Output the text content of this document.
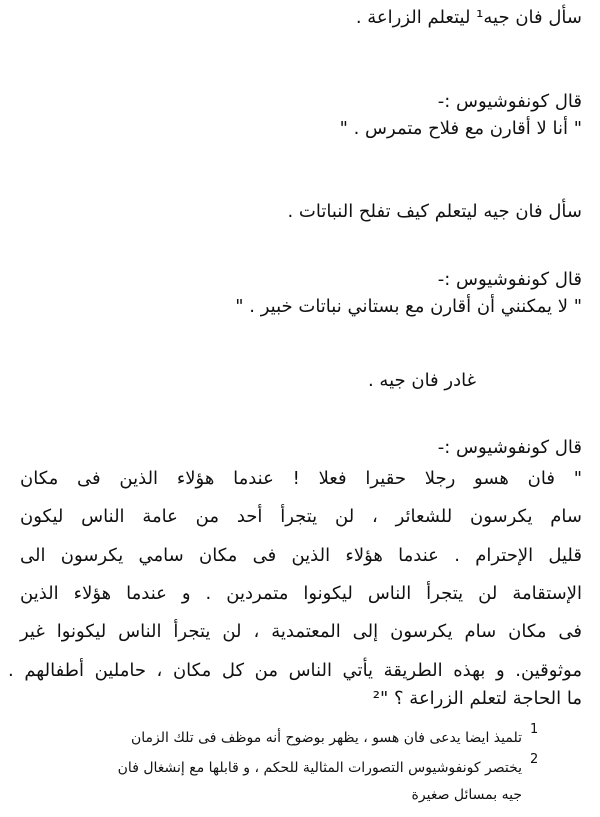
سأل فان جيه¹ ليتعلم الزراعة .
قال كونفوشيوس :-
" أنا لا أقارن مع فلاح متمرس . "
سأل فان جيه ليتعلم كيف تفلح النباتات .
قال كونفوشيوس :-
" لا يمكنني أن أقارن مع بستاني نباتات خبير . "
غادر فان جيه .
قال كونفوشيوس :-
" فان هسو رجلا حقيرا فعلا ! عندما هؤلاء الذين فى مكان
سام يكرسون للشعائر ، لن يتجرأ أحد من عامة الناس ليكون
قليل الإحترام . عندما هؤلاء الذين فى مكان سامي يكرسون الى
الإستقامة لن يتجرأ الناس ليكونوا متمردين . و عندما هؤلاء الذين
فى مكان سام يكرسون إلى المعتمدية ، لن يتجرأ الناس ليكونوا غير
موثوقين. و بهذه الطريقة يأتي الناس من كل مكان ، حاملين أطفالهم .
ما الحاجة لتعلم الزراعة ؟ "²
1
تلميذ ايضا يدعى فان هسو ، يظهر بوضوح أنه موظف فى تلك الزمان
2
يختصر كونفوشيوس التصورات المثالية للحكم ، و قابلها مع إنشغال فان
جيه بمسائل صغيرة
